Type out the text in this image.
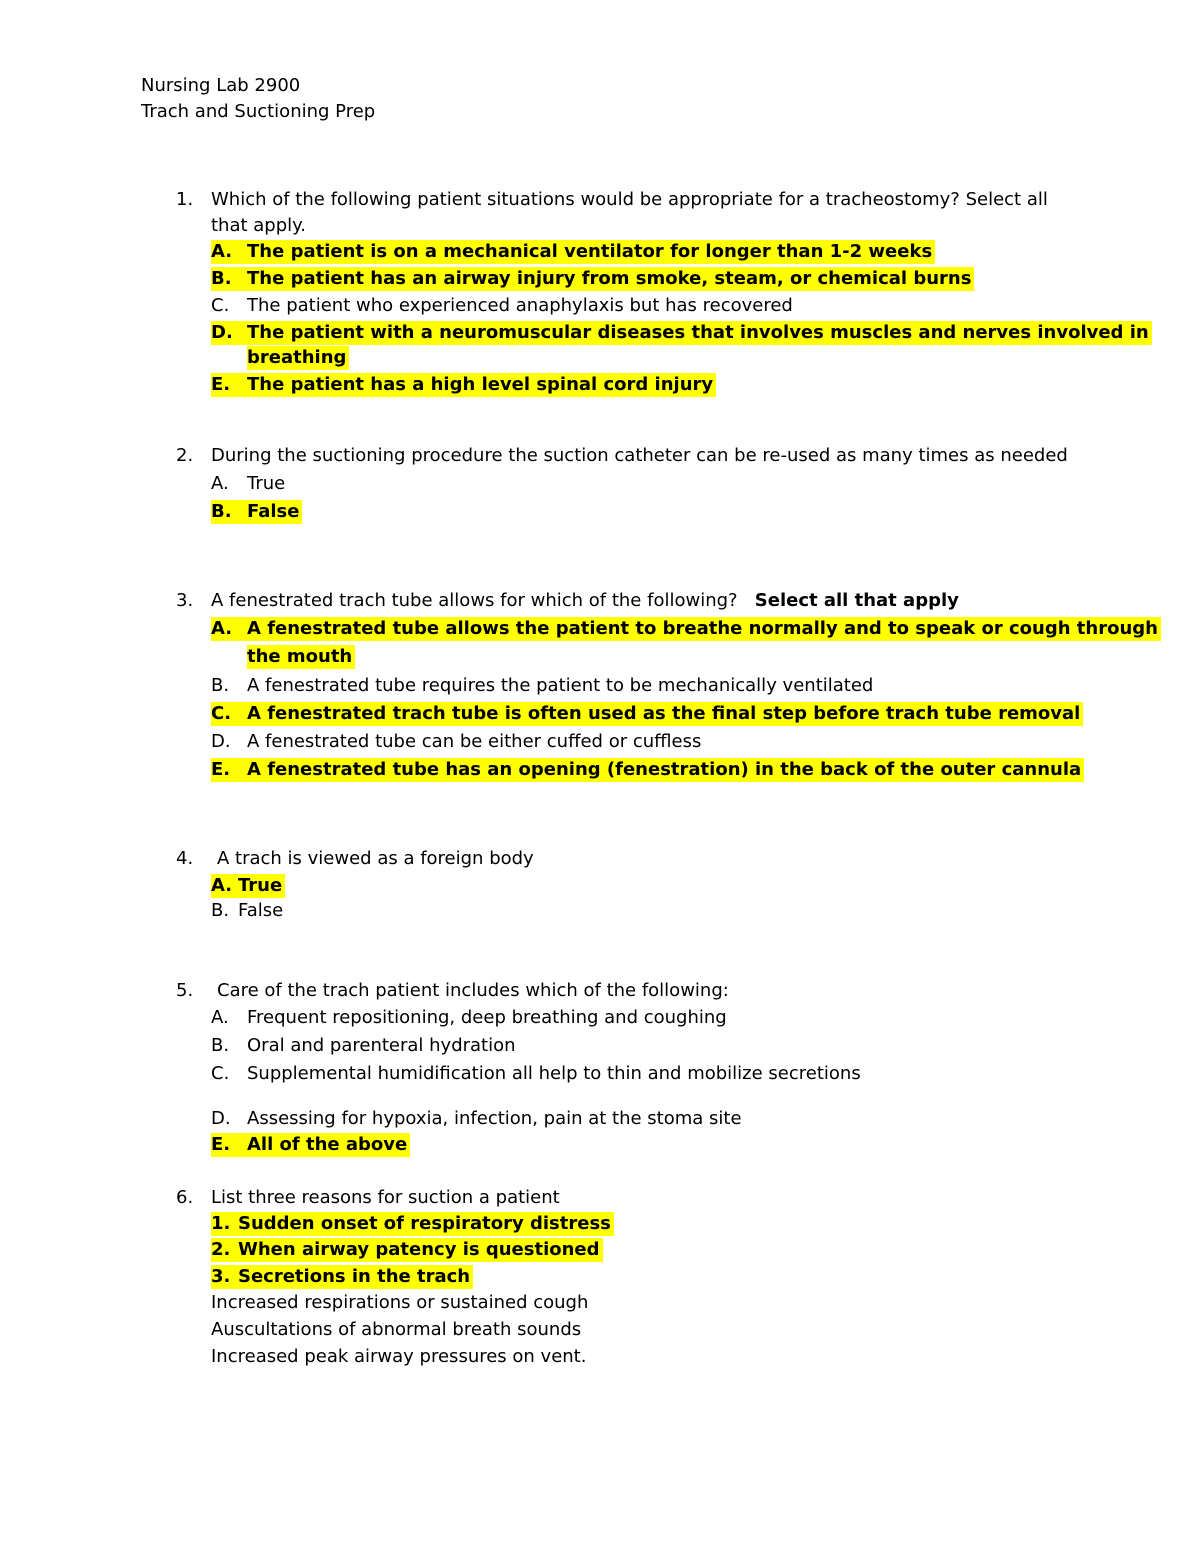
Nursing Lab 2900
Trach and Suctioning Prep
1. Which of the following patient situations would be appropriate for a tracheostomy? Select all
that apply.
A. The patient is on a mechanical ventilator for longer than 1-2 weeks
B. The patient has an airway injury from smoke, steam, or chemical burns
C. The patient who experienced anaphylaxis but has recovered
D. The patient with a neuromuscular diseases that involves muscles and nerves involved in
breathing
E. The patient has a high level spinal cord injury
2. During the suctioning procedure the suction catheter can be re-used as many times as needed
A. True
B. False
3. A fenestrated trach tube allows for which of the following? Select all that apply
A. A fenestrated tube allows the patient to breathe normally and to speak or cough through
the mouth
B. A fenestrated tube requires the patient to be mechanically ventilated
C. A fenestrated trach tube is often used as the final step before trach tube removal
D. A fenestrated tube can be either cuffed or cuffless
E. A fenestrated tube has an opening (fenestration) in the back of the outer cannula
4. A trach is viewed as a foreign body
A. True
B. False
5. Care of the trach patient includes which of the following:
A. Frequent repositioning, deep breathing and coughing
B. Oral and parenteral hydration
C. Supplemental humidification all help to thin and mobilize secretions
D. Assessing for hypoxia, infection, pain at the stoma site
E. All of the above
6. List three reasons for suction a patient
1. Sudden onset of respiratory distress
2. When airway patency is questioned
3. Secretions in the trach
Increased respirations or sustained cough
Auscultations of abnormal breath sounds
Increased peak airway pressures on vent.
